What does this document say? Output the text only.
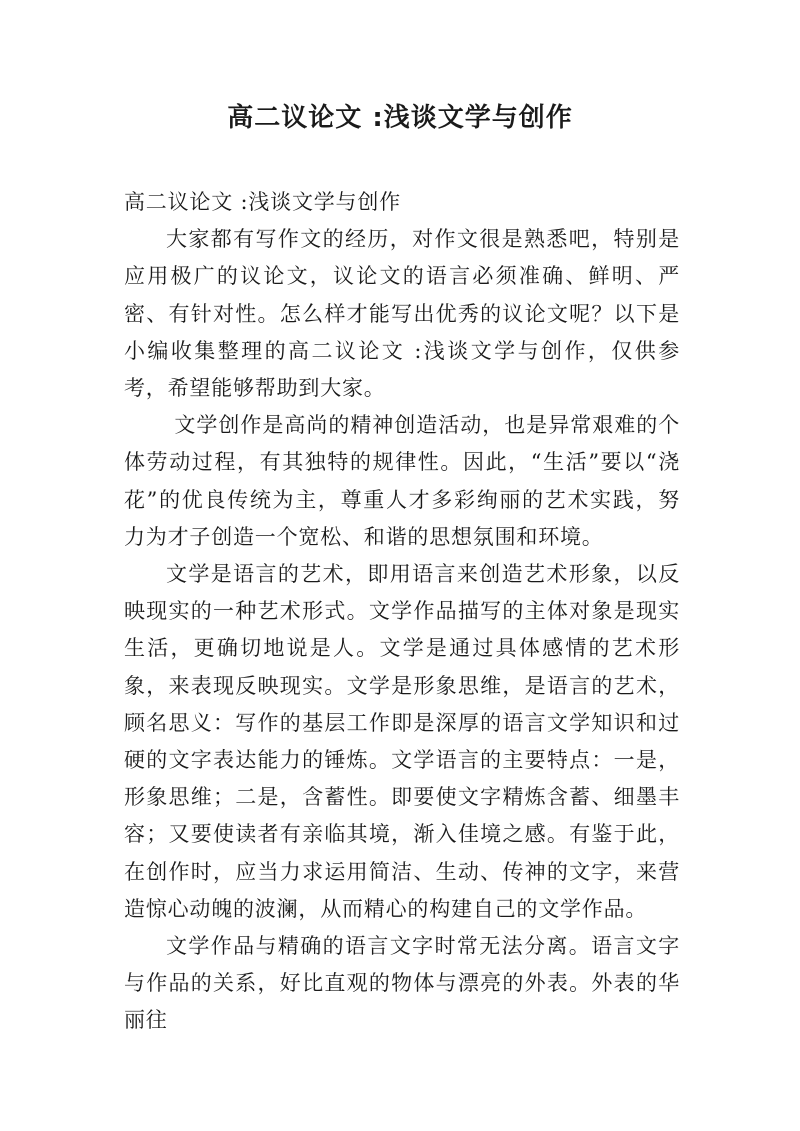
高二议论文 :浅谈文学与创作

高二议论文 :浅谈文学与创作

大家都有写作文的经历，对作文很是熟悉吧，特别是应用极广的议论文，议论文的语言必须准确、鲜明、严密、有针对性。怎么样才能写出优秀的议论文呢？以下是小编收集整理的高二议论文 :浅谈文学与创作，仅供参考，希望能够帮助到大家。

文学创作是高尚的精神创造活动，也是异常艰难的个体劳动过程，有其独特的规律性。因此，“生活”要以“浇花”的优良传统为主，尊重人才多彩绚丽的艺术实践，努力为才子创造一个宽松、和谐的思想氛围和环境。

文学是语言的艺术，即用语言来创造艺术形象，以反映现实的一种艺术形式。文学作品描写的主体对象是现实生活，更确切地说是人。文学是通过具体感情的艺术形象，来表现反映现实。文学是形象思维，是语言的艺术，顾名思义：写作的基层工作即是深厚的语言文学知识和过硬的文字表达能力的锤炼。文学语言的主要特点：一是，形象思维；二是，含蓄性。即要使文字精炼含蓄、细墨丰容；又要使读者有亲临其境，渐入佳境之感。有鉴于此，在创作时，应当力求运用简洁、生动、传神的文字，来营造惊心动魄的波澜，从而精心的构建自己的文学作品。

文学作品与精确的语言文字时常无法分离。语言文字与作品的关系，好比直观的物体与漂亮的外表。外表的华丽往
